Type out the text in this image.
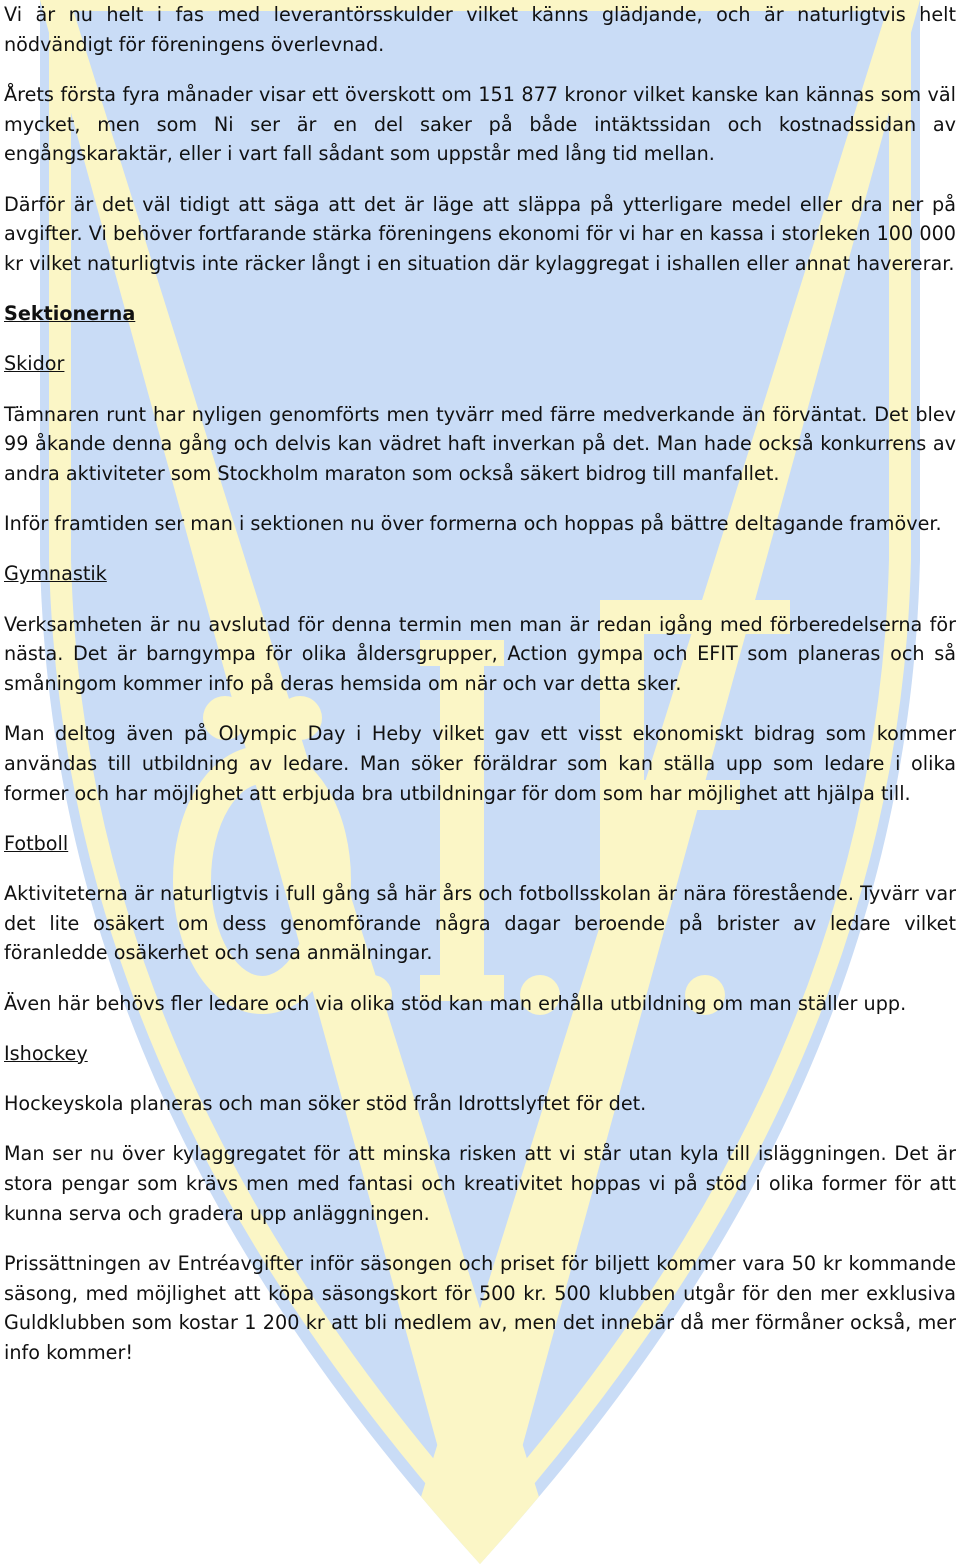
Vi är nu helt i fas med leverantörsskulder vilket känns glädjande, och är naturligtvis helt nödvändigt för föreningens överlevnad.

Årets första fyra månader visar ett överskott om 151 877 kronor vilket kanske kan kännas som väl mycket, men som Ni ser är en del saker på både intäktssidan och kostnadssidan av engångskaraktär, eller i vart fall sådant som uppstår med lång tid mellan.

Därför är det väl tidigt att säga att det är läge att släppa på ytterligare medel eller dra ner på avgifter. Vi behöver fortfarande stärka föreningens ekonomi för vi har en kassa i storleken 100 000 kr vilket naturligtvis inte räcker långt i en situation där kylaggregat i ishallen eller annat havererar.

Sektionerna

Skidor

Tämnaren runt har nyligen genomförts men tyvärr med färre medverkande än förväntat. Det blev 99 åkande denna gång och delvis kan vädret haft inverkan på det. Man hade också konkurrens av andra aktiviteter som Stockholm maraton som också säkert bidrog till manfallet.

Inför framtiden ser man i sektionen nu över formerna och hoppas på bättre deltagande framöver.

Gymnastik

Verksamheten är nu avslutad för denna termin men man är redan igång med förberedelserna för nästa. Det är barngympa för olika åldersgrupper, Action gympa och EFIT som planeras och så småningom kommer info på deras hemsida om när och var detta sker.

Man deltog även på Olympic Day i Heby vilket gav ett visst ekonomiskt bidrag som kommer användas till utbildning av ledare. Man söker föräldrar som kan ställa upp som ledare i olika former och har möjlighet att erbjuda bra utbildningar för dom som har möjlighet att hjälpa till.

Fotboll

Aktiviteterna är naturligtvis i full gång så här års och fotbollsskolan är nära förestående. Tyvärr var det lite osäkert om dess genomförande några dagar beroende på brister av ledare vilket föranledde osäkerhet och sena anmälningar.

Även här behövs fler ledare och via olika stöd kan man erhålla utbildning om man ställer upp.

Ishockey

Hockeyskola planeras och man söker stöd från Idrottslyftet för det.

Man ser nu över kylaggregatet för att minska risken att vi står utan kyla till isläggningen. Det är stora pengar som krävs men med fantasi och kreativitet hoppas vi på stöd i olika former för att kunna serva och gradera upp anläggningen.

Prissättningen av Entréavgifter inför säsongen och priset för biljett kommer vara 50 kr kommande säsong, med möjlighet att köpa säsongskort för 500 kr. 500 klubben utgår för den mer exklusiva Guldklubben som kostar 1 200 kr att bli medlem av, men det innebär då mer förmåner också, mer info kommer!
